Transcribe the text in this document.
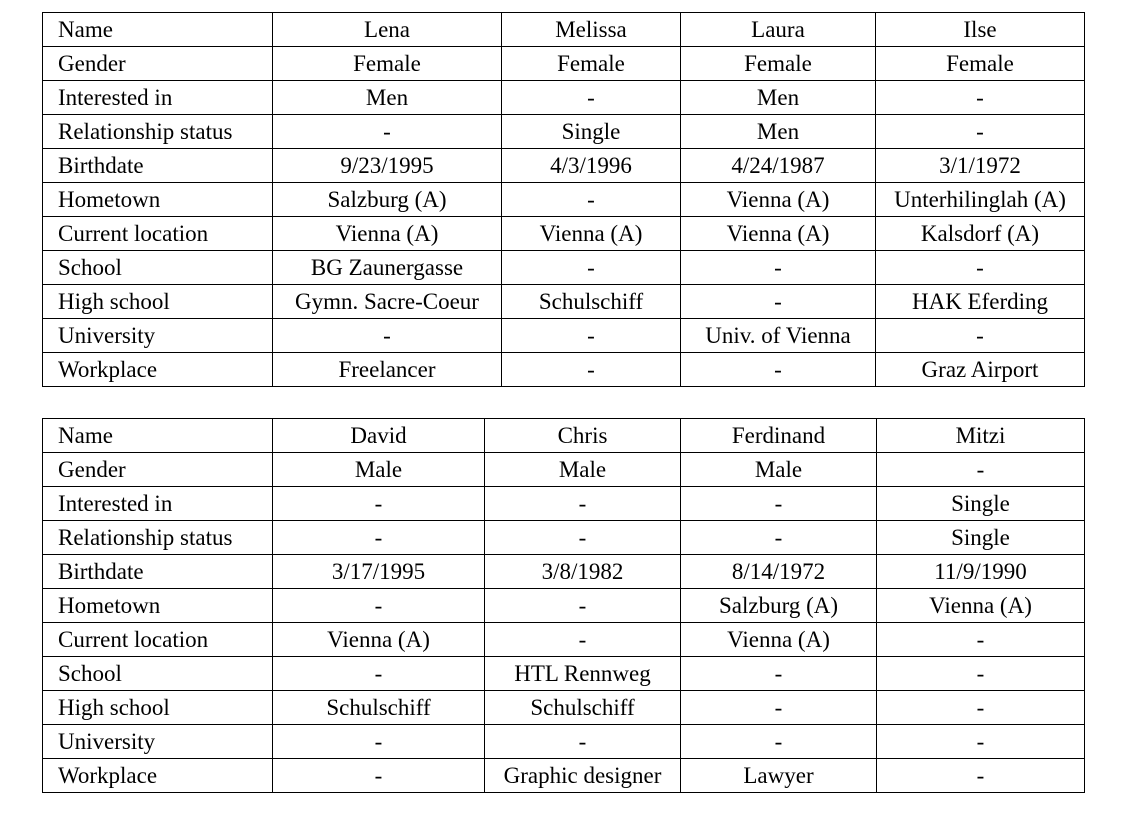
Name	Lena	Melissa	Laura	Ilse
Gender	Female	Female	Female	Female
Interested in	Men	-	Men	-
Relationship status	-	Single	Men	-
Birthdate	9/23/1995	4/3/1996	4/24/1987	3/1/1972
Hometown	Salzburg (A)	-	Vienna (A)	Unterhilinglah (A)
Current location	Vienna (A)	Vienna (A)	Vienna (A)	Kalsdorf (A)
School	BG Zaunergasse	-	-	-
High school	Gymn. Sacre-Coeur	Schulschiff	-	HAK Eferding
University	-	-	Univ. of Vienna	-
Workplace	Freelancer	-	-	Graz Airport
Name	David	Chris	Ferdinand	Mitzi
Gender	Male	Male	Male	-
Interested in	-	-	-	Single
Relationship status	-	-	-	Single
Birthdate	3/17/1995	3/8/1982	8/14/1972	11/9/1990
Hometown	-	-	Salzburg (A)	Vienna (A)
Current location	Vienna (A)	-	Vienna (A)	-
School	-	HTL Rennweg	-	-
High school	Schulschiff	Schulschiff	-	-
University	-	-	-	-
Workplace	-	Graphic designer	Lawyer	-
